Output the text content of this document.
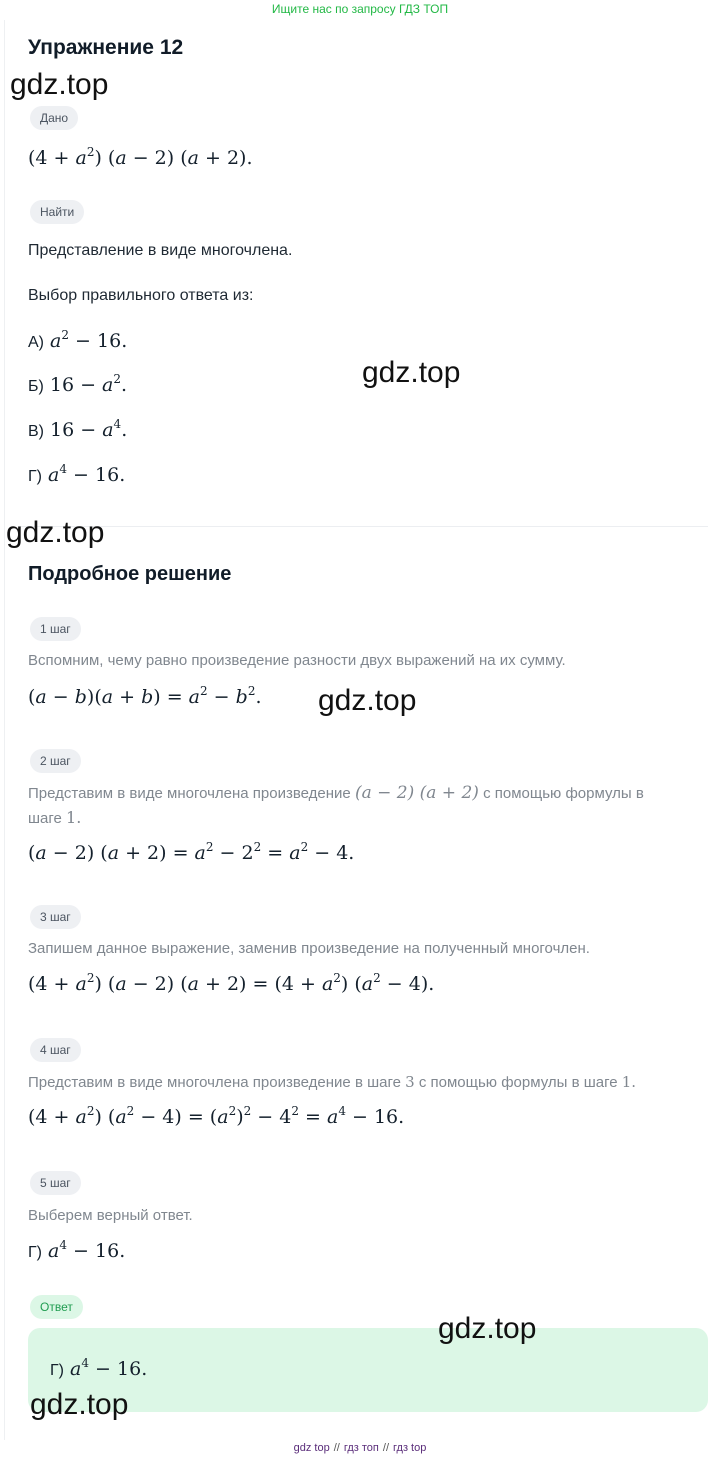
Ищите нас по запросу ГДЗ ТОП
Упражнение 12
Дано
$(4 + a^2)$ (a − 2) (a + 2).
Найти
Представление в виде многочлена.
Выбор правильного ответа из:
А) $a^2 - 16$.
Б) $16 - a^2$.
В) $16 - a^4$.
Г) $a^4 - 16$.
Подробное решение
1 шаг
Вспомним, чему равно произведение разности двух выражений на их сумму.
$(a - b)(a + b) = a^2 - b^2$.
2 шаг
Представим в виде многочлена произведение (a − 2) (a + 2) с помощью формулы в
шаге 1.
(a − 2) $(a + 2) = a^2 - 2^2 = a^2 - 4$.
3 шаг
Запишем данное выражение, заменив произведение на полученный многочлен.
$(4 + a^2)$ (a − 2) $(a + 2) = (4 + a^2)$ $(a^2 - 4)$.
4 шаг
Представим в виде многочлена произведение в шаге 3 с помощью формулы в шаге 1.
$(4 + a^2)$ $(a^2 - 4) = (a^2)^2 - 4^2 = a^4 - 16$.
5 шаг
Выберем верный ответ.
Г) $a^4 - 16$.
Ответ
Г) $a^4 - 16$.
gdz.top
gdz.top
gdz.top
gdz.top
gdz.top
gdz.top
gdz top // гдз топ // гдз top
